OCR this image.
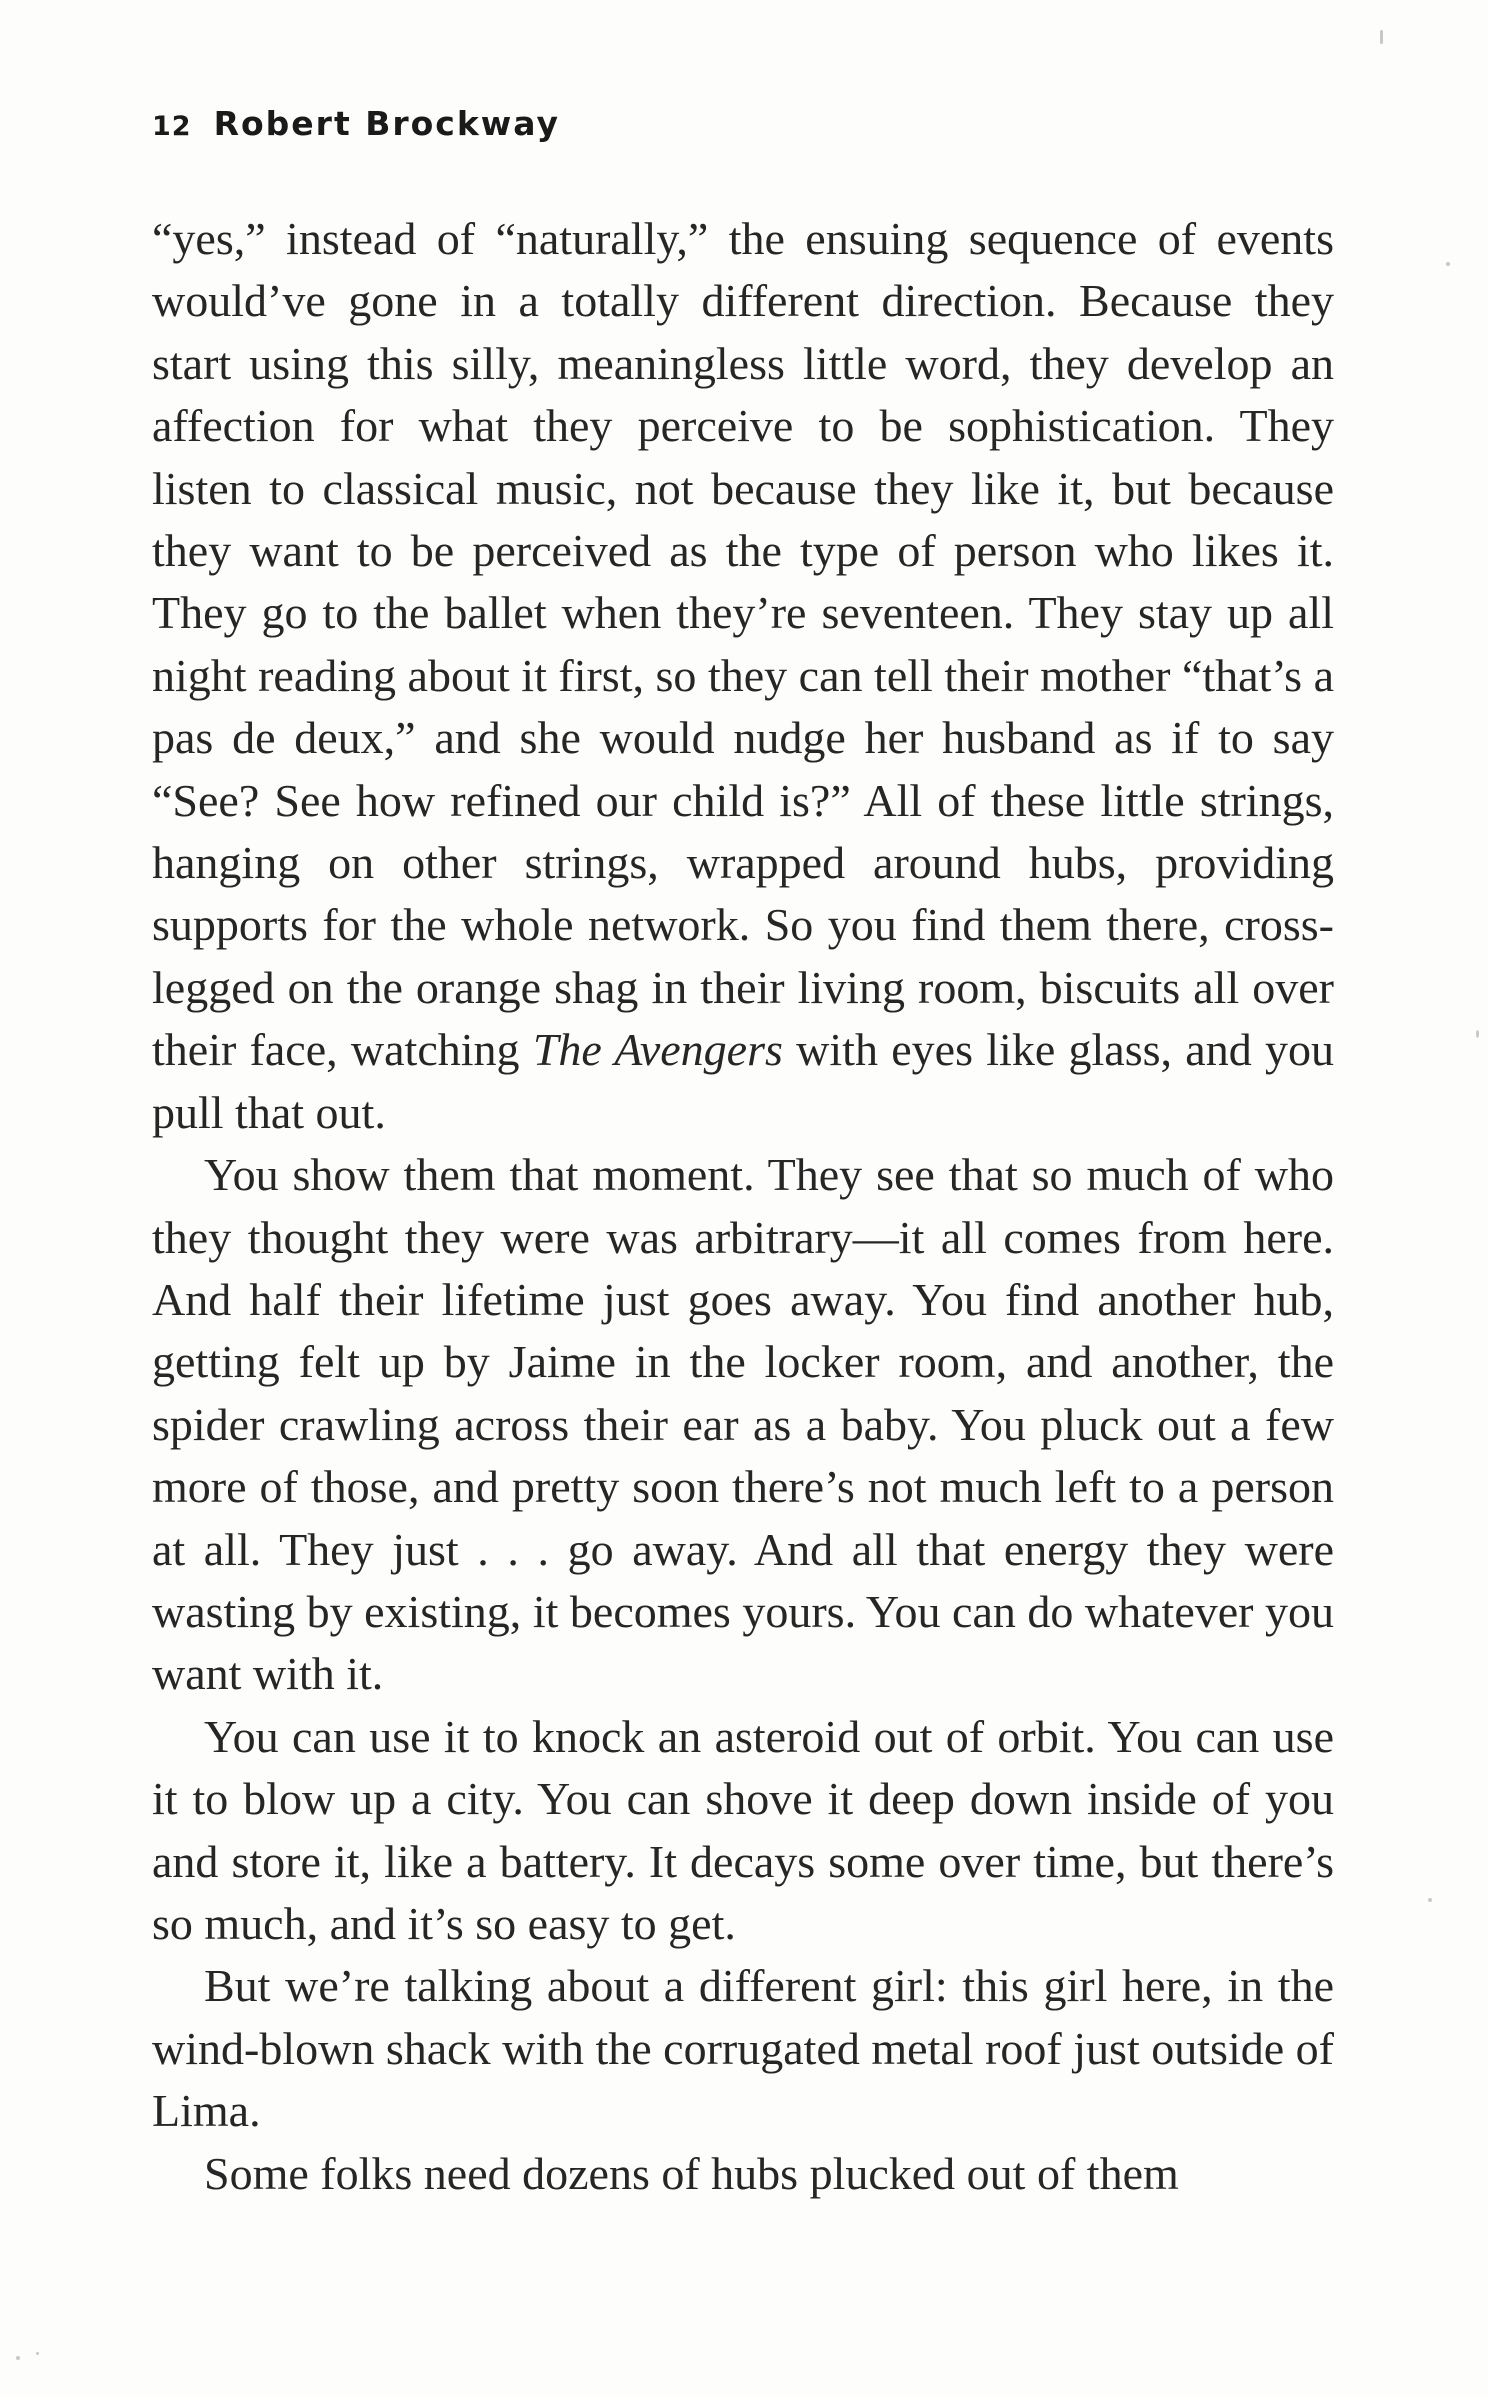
12 Robert Brockway

“yes,” instead of “naturally,” the ensuing sequence of events would’ve gone in a totally different direction. Because they start using this silly, meaningless little word, they develop an affection for what they perceive to be sophistication. They listen to classical music, not because they like it, but because they want to be perceived as the type of person who likes it. They go to the ballet when they’re seventeen. They stay up all night reading about it first, so they can tell their mother “that’s a pas de deux,” and she would nudge her husband as if to say “See? See how refined our child is?” All of these little strings, hanging on other strings, wrapped around hubs, providing supports for the whole network. So you find them there, cross-legged on the orange shag in their living room, biscuits all over their face, watching The Avengers with eyes like glass, and you pull that out.

You show them that moment. They see that so much of who they thought they were was arbitrary—it all comes from here. And half their lifetime just goes away. You find another hub, getting felt up by Jaime in the locker room, and another, the spider crawling across their ear as a baby. You pluck out a few more of those, and pretty soon there’s not much left to a person at all. They just . . . go away. And all that energy they were wasting by existing, it becomes yours. You can do whatever you want with it.

You can use it to knock an asteroid out of orbit. You can use it to blow up a city. You can shove it deep down inside of you and store it, like a battery. It decays some over time, but there’s so much, and it’s so easy to get.

But we’re talking about a different girl: this girl here, in the wind-blown shack with the corrugated metal roof just outside of Lima.

Some folks need dozens of hubs plucked out of them
